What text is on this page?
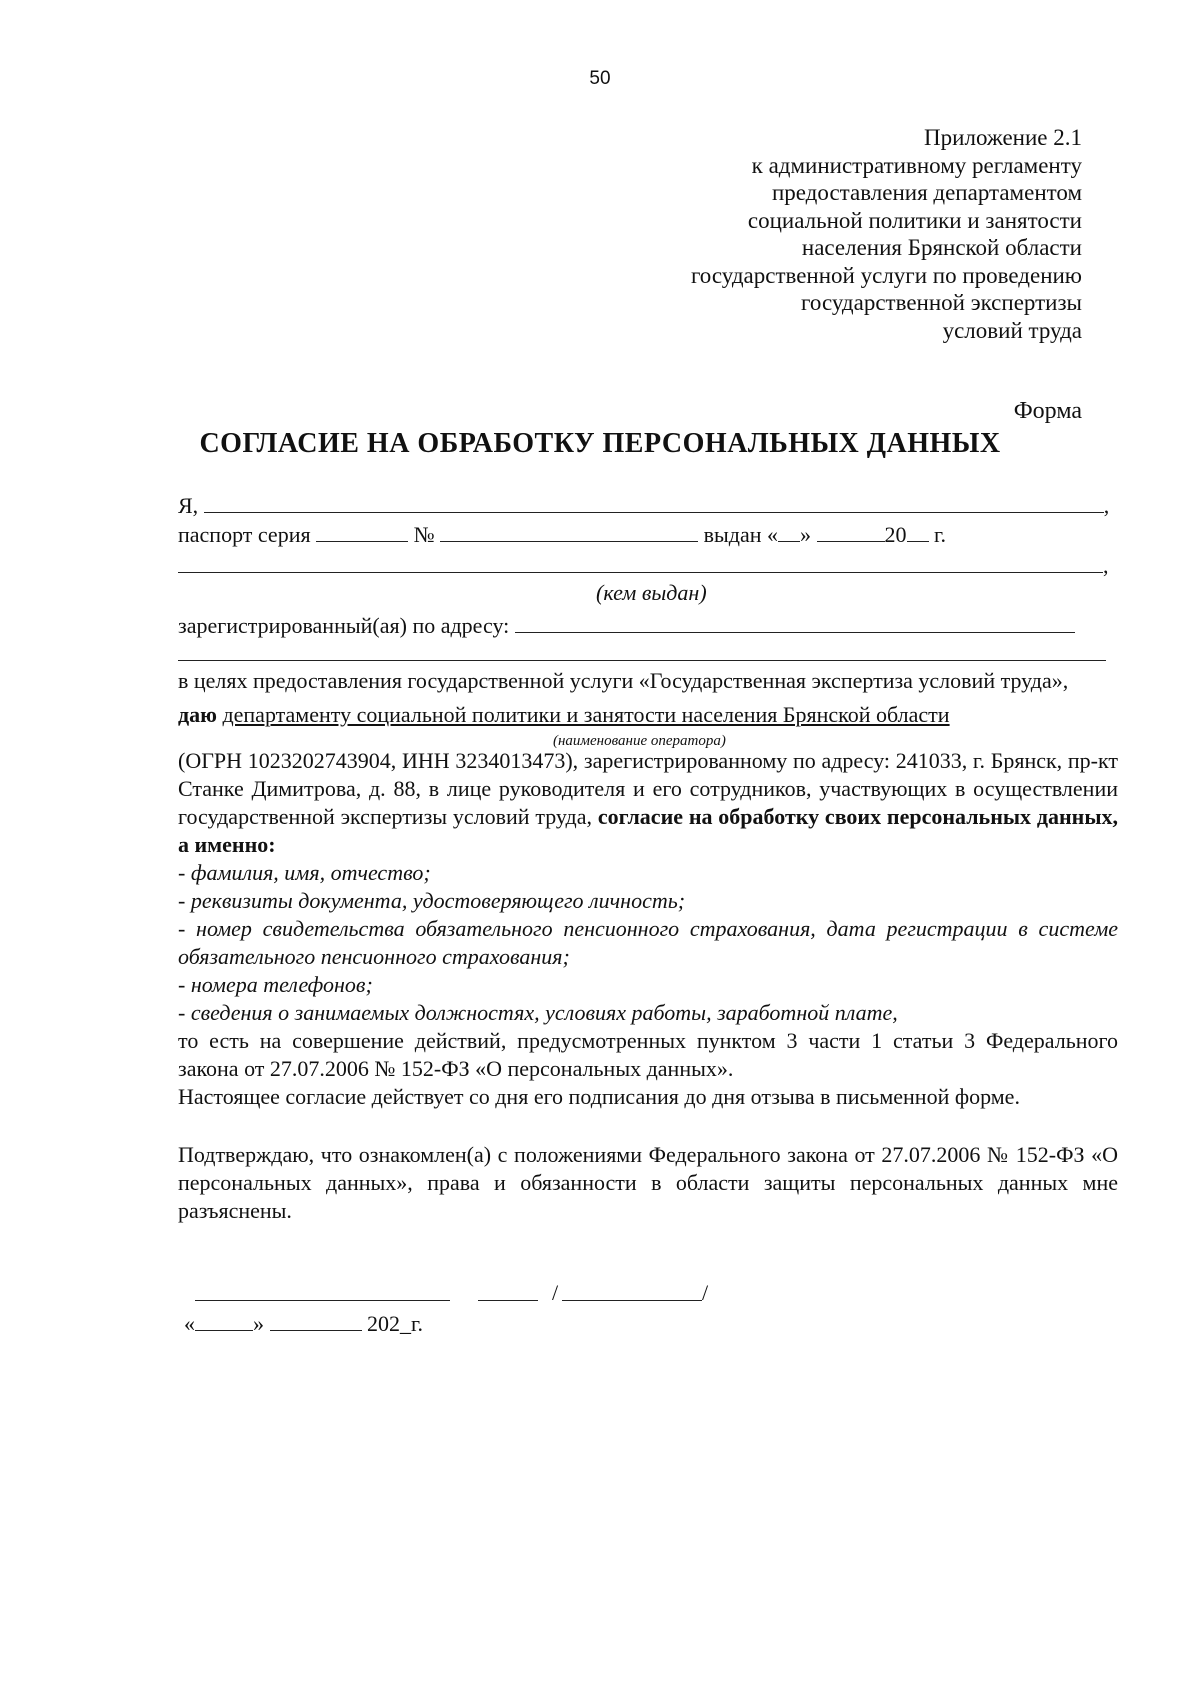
50
Приложение 2.1
к административному регламенту
предоставления департаментом
социальной политики и занятости
населения Брянской области
государственной услуги по проведению
государственной экспертизы
условий труда
Форма
СОГЛАСИЕ НА ОБРАБОТКУ ПЕРСОНАЛЬНЫХ ДАННЫХ
Я,	,
паспорт серия	№	выдан « »	20 г.
,
(кем выдан)
зарегистрированный(ая) по адресу:

в целях предоставления государственной услуги «Государственная экспертиза условий труда»,

даю департаменту социальной политики и занятости населения Брянской области

(наименование оператора)

(ОГРН 1023202743904, ИНН 3234013473), зарегистрированному по адресу: 241033, г. Брянск, пр-кт Станке Димитрова, д. 88, в лице руководителя и его сотрудников, участвующих в осуществлении государственной экспертизы условий труда, согласие на обработку своих персональных данных, а именно:

- фамилия, имя, отчество;

- реквизиты документа, удостоверяющего личность;

- номер свидетельства обязательного пенсионного страхования, дата регистрации в системе обязательного пенсионного страхования;

- номера телефонов;

- сведения о занимаемых должностях, условиях работы, заработной плате,

то есть на совершение действий, предусмотренных пунктом 3 части 1 статьи 3 Федерального закона от 27.07.2006 № 152-ФЗ «О персональных данных».

Настоящее согласие действует со дня его подписания до дня отзыва в письменной форме.

Подтверждаю, что ознакомлен(а) с положениями Федерального закона от 27.07.2006 № 152-ФЗ «О персональных данных», права и обязанности в области защиты персональных данных мне разъяснены.

/	/
«	»	202_г.
